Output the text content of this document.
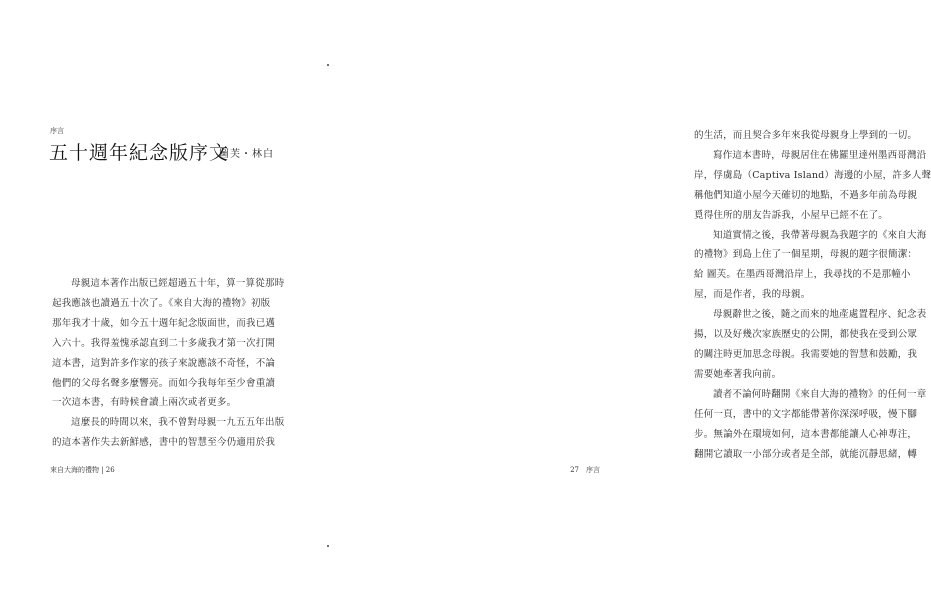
序言
五十週年紀念版序文
圖芙・林白

母親這本著作出版已經超過五十年，算一算從那時

起我應該也讀過五十次了。《來自大海的禮物》初版

那年我才十歲，如今五十週年紀念版面世，而我已邁

入六十。我得羞愧承認直到二十多歲我才第一次打開

這本書，這對許多作家的孩子來說應該不奇怪，不論

他們的父母名聲多麼響亮。而如今我每年至少會重讀

一次這本書，有時候會讀上兩次或者更多。

這麼長的時間以來，我不曾對母親一九五五年出版

的這本著作失去新鮮感，書中的智慧至今仍適用於我

來自大海的禮物 | 26

的生活，而且契合多年來我從母親身上學到的一切。

寫作這本書時，母親居住在佛羅里達州墨西哥灣沿

岸，俘虜島（Captiva Island）海邊的小屋，許多人聲

稱他們知道小屋今天確切的地點，不過多年前為母親

覓得住所的朋友告訴我，小屋早已經不在了。

知道實情之後，我帶著母親為我題字的《來自大海

的禮物》到島上住了一個星期，母親的題字很簡潔：

給 圖芙。在墨西哥灣沿岸上，我尋找的不是那幢小

屋，而是作者，我的母親。

母親辭世之後，隨之而來的地產處置程序、紀念表

揚，以及好幾次家族歷史的公開，都使我在受到公眾

的關注時更加思念母親。我需要她的智慧和鼓勵，我

需要她牽著我向前。

讀者不論何時翻開《來自大海的禮物》的任何一章

任何一頁，書中的文字都能帶著你深深呼吸，慢下腳

步。無論外在環境如何，這本書都能讓人心神專注，

翻開它讀取一小部分或者是全部，就能沉靜思緒，轉

27　序言
